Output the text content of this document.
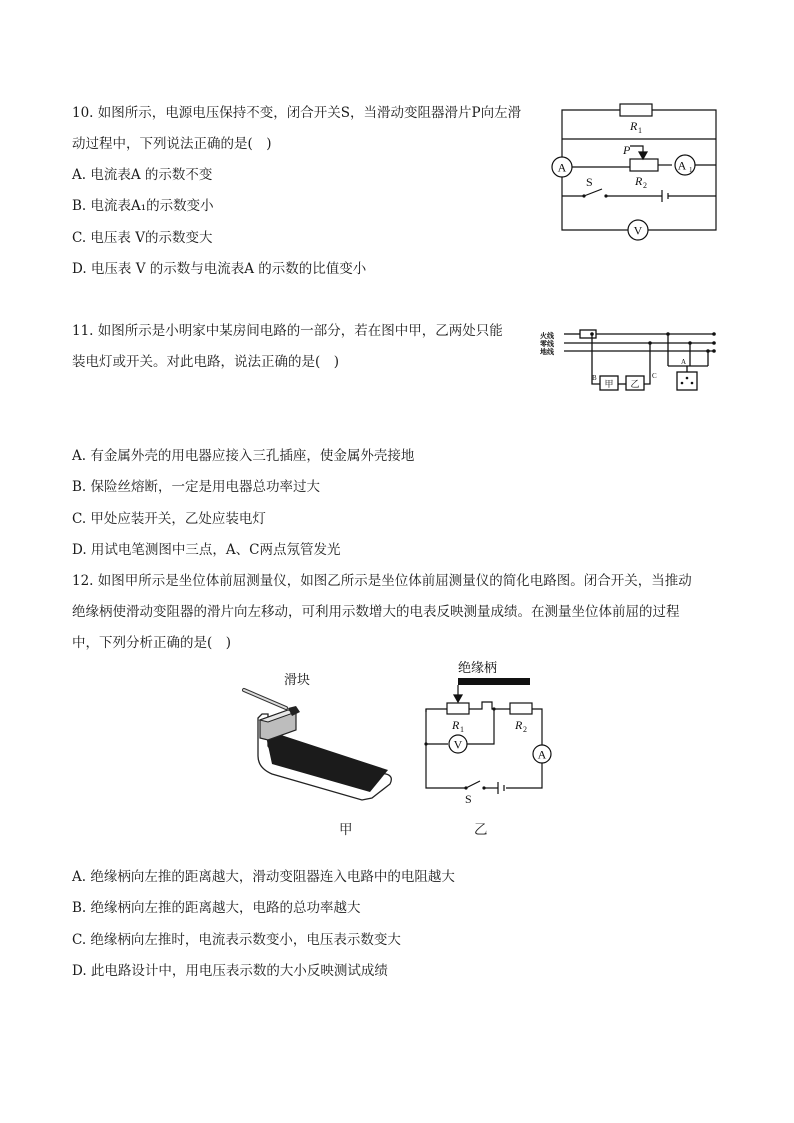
10. 如图所示，电源电压保持不变，闭合开关S，当滑动变阻器滑片P向左滑
动过程中，下列说法正确的是(　)
A. 电流表A 的示数不变
B. 电流表A₁的示数变小
C. 电压表 V的示数变大
D. 电压表 V 的示数与电流表A 的示数的比值变小
A	A 1
V
R 1
R 2
P
S
11. 如图所示是小明家中某房间电路的一部分，若在图中甲，乙两处只能
装电灯或开关。对此电路，说法正确的是(　)
火线
零线
地线
B
甲 乙
C
A
A. 有金属外壳的用电器应接入三孔插座，使金属外壳接地
B. 保险丝熔断，一定是用电器总功率过大
C. 甲处应装开关，乙处应装电灯
D. 用试电笔测图中三点，A、C两点氖管发光
12. 如图甲所示是坐位体前屈测量仪，如图乙所示是坐位体前屈测量仪的简化电路图。闭合开关，当推动
绝缘柄使滑动变阻器的滑片向左移动，可利用示数增大的电表反映测量成绩。在测量坐位体前屈的过程
中，下列分析正确的是(　)
滑块
甲
绝缘柄
R 1	R 2
V
A
S
乙
A. 绝缘柄向左推的距离越大，滑动变阻器连入电路中的电阻越大
B. 绝缘柄向左推的距离越大，电路的总功率越大
C. 绝缘柄向左推时，电流表示数变小，电压表示数变大
D. 此电路设计中，用电压表示数的大小反映测试成绩
